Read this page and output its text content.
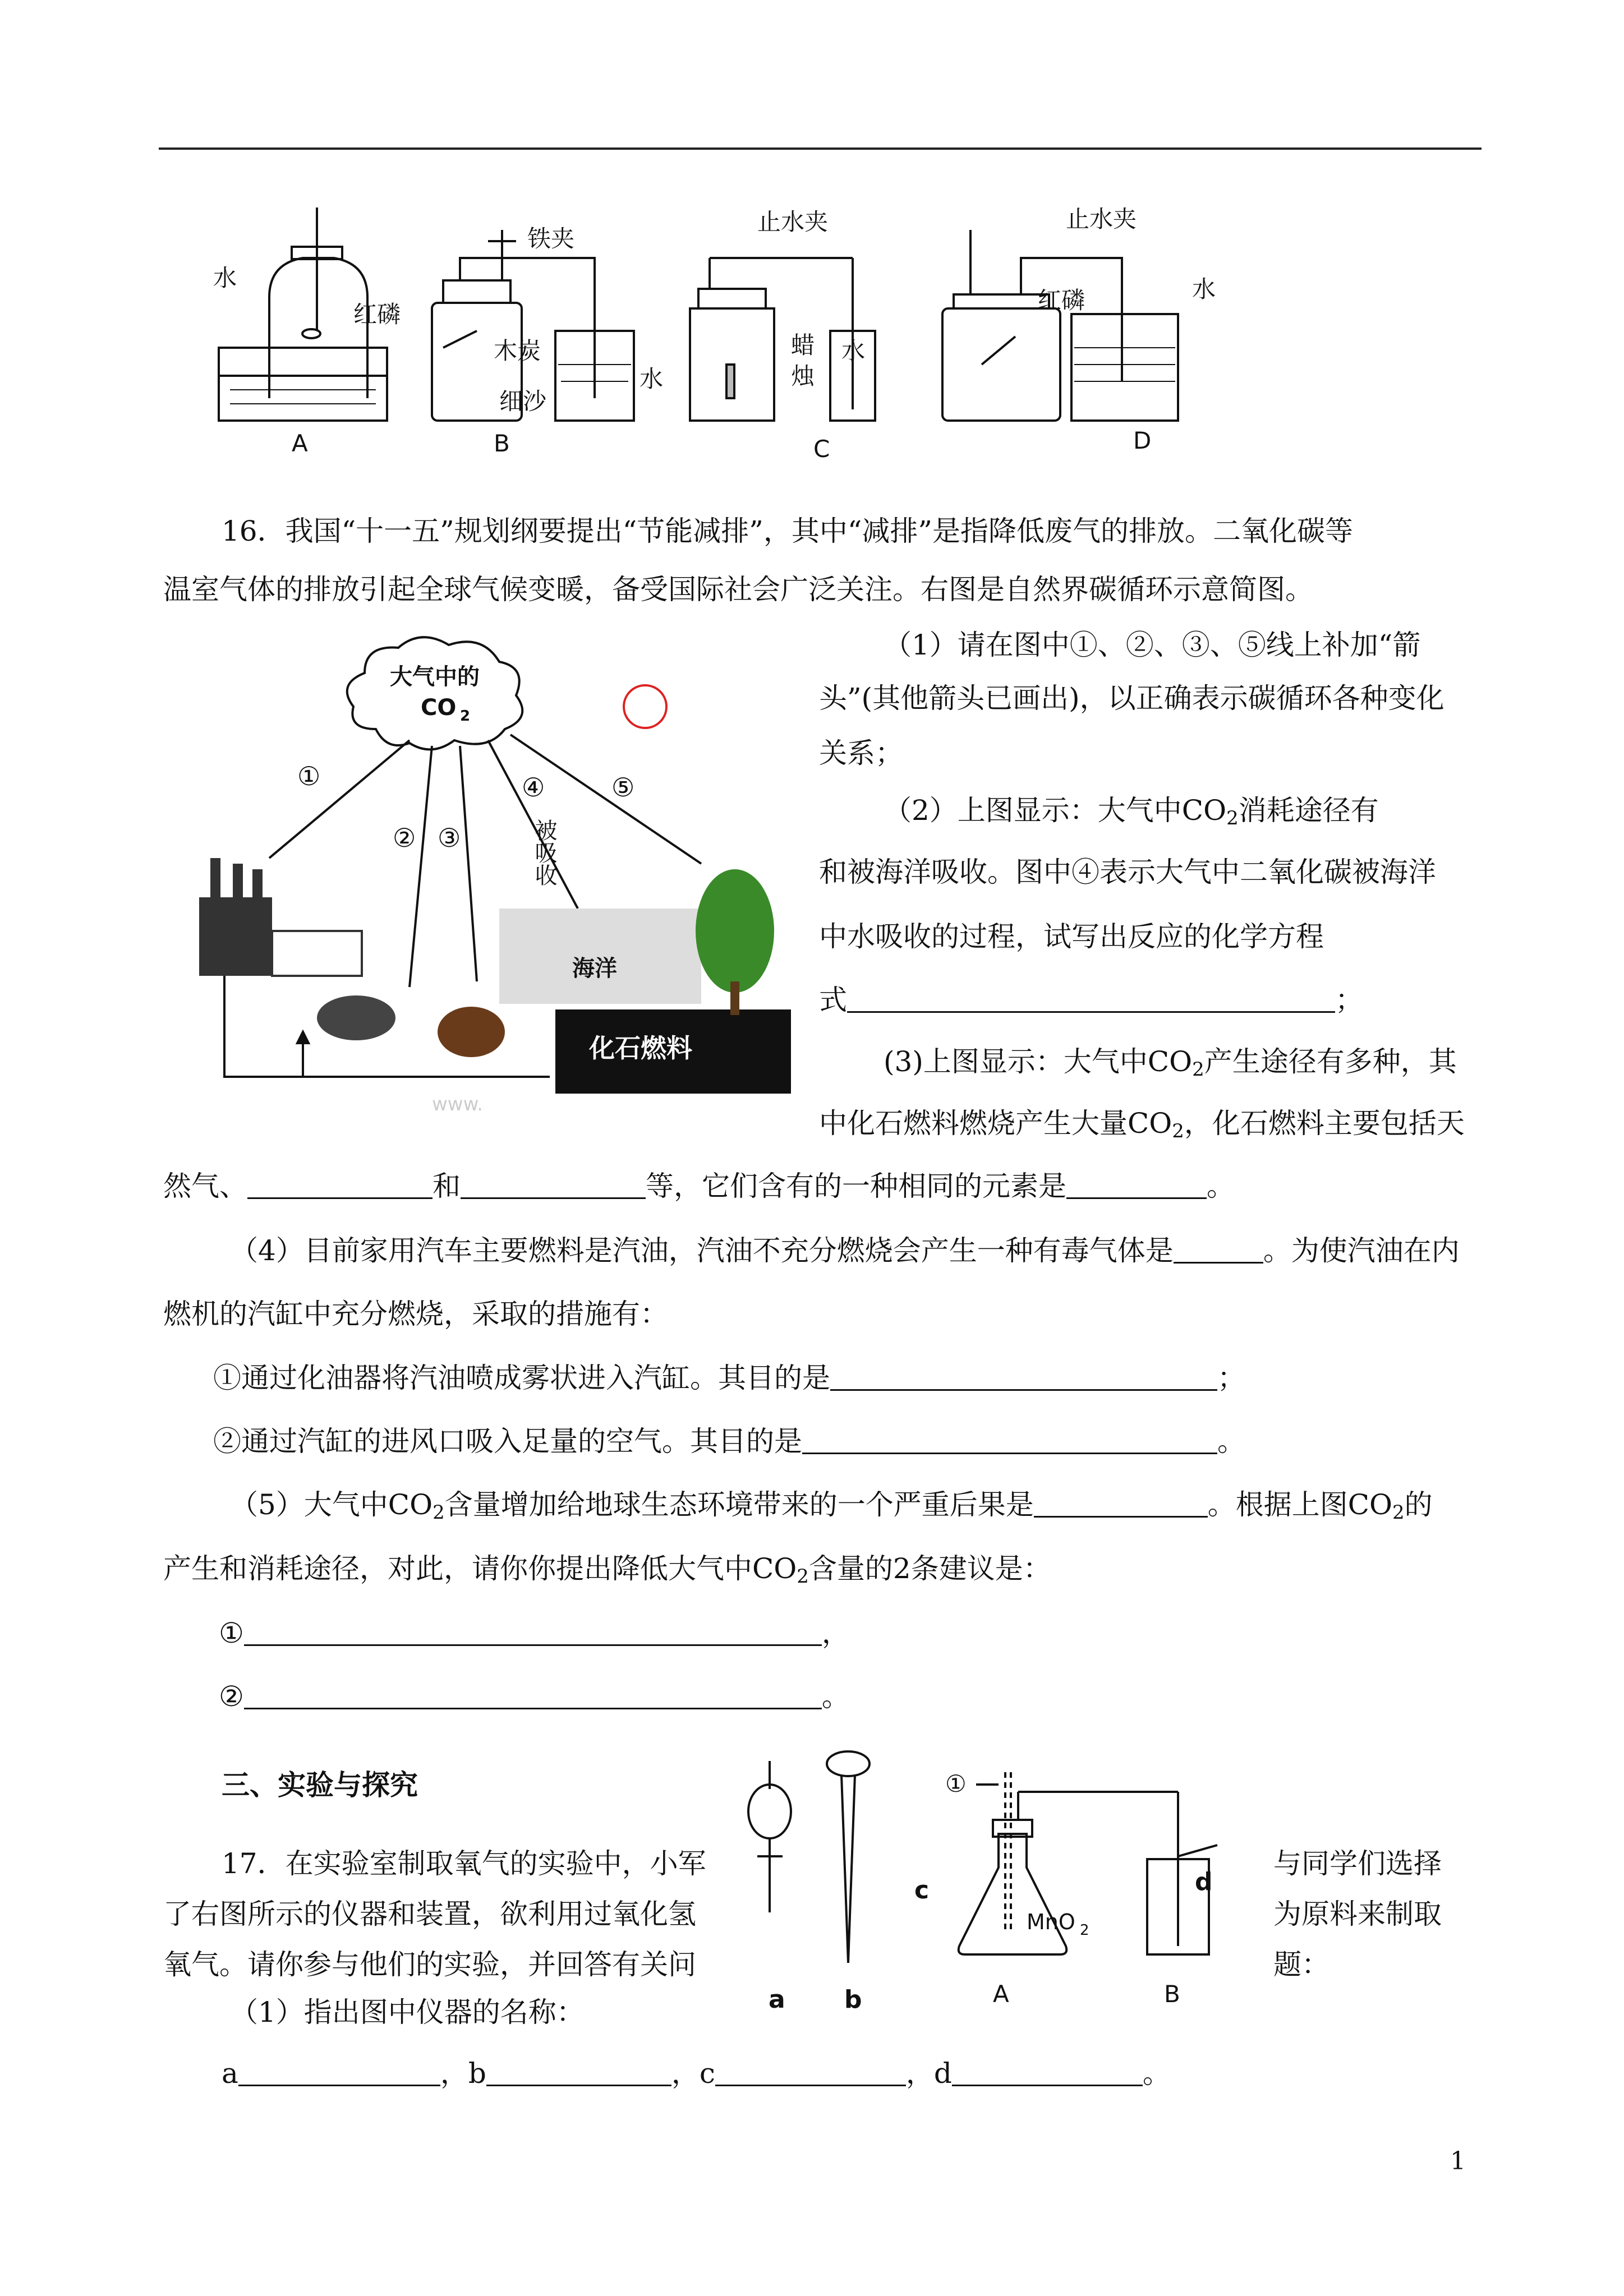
水
红磷
A
铁夹
木炭
细沙
水
B
止水夹
蜡
烛
水
C
止水夹
红磷	水
D
16．我国“十一五”规划纲要提出“节能减排”，其中“减排”是指降低废气的排放。二氧化碳等
温室气体的排放引起全球气候变暖，备受国际社会广泛关注。右图是自然界碳循环示意简图。
大气中的
CO 2
①
② ③
④	⑤
被吸收
海洋
化石燃料
www.
（1）请在图中①、②、③、⑤线上补加“箭
头”(其他箭头已画出)，以正确表示碳循环各种变化
关系；
（2）上图显示：大气中$CO_2$消耗途径有
和被海洋吸收。图中④表示大气中二氧化碳被海洋
中水吸收的过程，试写出反应的化学方程
式	；
(3)上图显示：大气中$CO_2$产生途径有多种，其
中化石燃料燃烧产生大量$CO_2$，化石燃料主要包括天
然气、	和	等，它们含有的一种相同的元素是	。
（4）目前家用汽车主要燃料是汽油，汽油不充分燃烧会产生一种有毒气体是	。为使汽油在内
燃机的汽缸中充分燃烧，采取的措施有：
①通过化油器将汽油喷成雾状进入汽缸。其目的是	；
②通过汽缸的进风口吸入足量的空气。其目的是	。
（5）大气中$CO_2$含量增加给地球生态环境带来的一个严重后果是	。根据上图$CO_2$的
产生和消耗途径，对此，请你你提出降低大气中$CO_2$含量的2条建议是：
①	，
②	。
三、实验与探究
a b
c	d
①
A	B
MnO 2
17．在实验室制取氧气的实验中，小军	与同学们选择
了右图所示的仪器和装置，欲利用过氧化氢	为原料来制取
氧气。请你参与他们的实验，并回答有关问	题：
（1）指出图中仪器的名称：
a	，b	，c	，d	。
1
